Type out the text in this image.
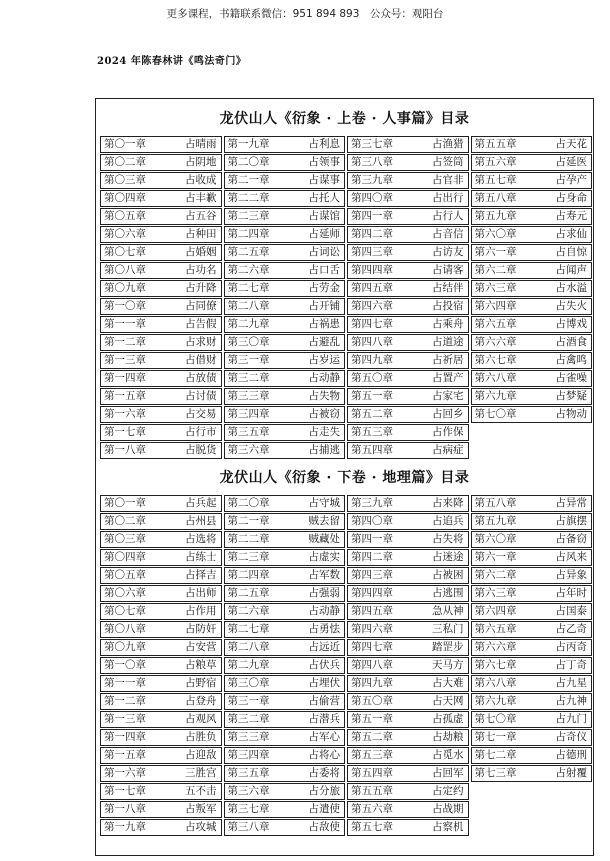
更多课程，书籍联系微信：951 894 893　公众号：观阳台
2024 年陈春林讲《鸣法奇门》
龙伏山人《衍象 · 上卷 · 人事篇》目录
第〇一章	占晴雨 第一九章	占利息 第三七章	占渔猎 第五五章	占天花
第〇二章	占阴地 第二〇章	占领事 第三八章	占签筒 第五六章	占延医
第〇三章	占收成 第二一章	占谋事 第三九章	占官非 第五七章	占孕产
第〇四章	占丰歉 第二二章	占托人 第四〇章	占出行 第五八章	占身命
第〇五章	占五谷 第二三章	占谋馆 第四一章	占行人 第五九章	占寿元
第〇六章	占种田 第二四章	占延师 第四二章	占音信 第六〇章	占求仙
第〇七章	占婚姻 第二五章	占词讼 第四三章	占访友 第六一章	占自惊
第〇八章	占功名 第二六章	占口舌 第四四章	占请客 第六二章	占闻声
第〇九章	占升降 第二七章	占劳金 第四五章	占结伴 第六三章	占水溢
第一〇章	占同僚 第二八章	占开铺 第四六章	占投宿 第六四章	占失火
第一一章	占告假 第二九章	占祸患 第四七章	占乘舟 第六五章	占博戏
第一二章	占求财 第三〇章	占避乱 第四八章	占道途 第六六章	占酒食
第一三章	占借财 第三一章	占岁运 第四九章	占祈居 第六七章	占禽鸣
第一四章	占放债 第三二章	占动静 第五〇章	占置产 第六八章	占雀噪
第一五章	占讨债 第三三章	占失物 第五一章	占家宅 第六九章	占梦疑
第一六章	占交易 第三四章	占被窃 第五二章	占回乡 第七〇章	占物动
第一七章	占行市 第三五章	占走失 第五三章	占作保
第一八章	占脱货 第三六章	占捕逃 第五四章	占病症
龙伏山人《衍象 · 下卷 · 地理篇》目录
第〇一章	占兵起 第二〇章	占守城 第三九章	占来降 第五八章	占异常
第〇二章	占州县 第二一章	贼去留 第四〇章	占追兵 第五九章	占旗摆
第〇三章	占选将 第二二章	贼藏处 第四一章	占失将 第六〇章	占备窃
第〇四章	占练士 第二三章	占虚实 第四二章	占迷途 第六一章	占风来
第〇五章	占择吉 第二四章	占军数 第四三章	占被困 第六二章	占异象
第〇六章	占出师 第二五章	占强弱 第四四章	占逃围 第六三章	占年时
第〇七章	占作用 第二六章	占动静 第四五章	急从神 第六四章	占国泰
第〇八章	占防奸 第二七章	占勇怯 第四六章	三私门 第六五章	占乙奇
第〇九章	占安营 第二八章	占远近 第四七章	踏罡步 第六六章	占丙奇
第一〇章	占粮草 第二九章	占伏兵 第四八章	天马方 第六七章	占丁奇
第一一章	占野宿 第三〇章	占埋伏 第四九章	占大难 第六八章	占九星
第一二章	占登舟 第三一章	占偷营 第五〇章	占天网 第六九章	占九神
第一三章	占观风 第三二章	占潜兵 第五一章	占孤虚 第七〇章	占九门
第一四章	占胜负 第三三章	占军心 第五二章	占劫粮 第七一章	占奇仪
第一五章	占迎敌 第三四章	占将心 第五三章	占觅水 第七二章	占德刑
第一六章	三胜宫 第三五章	占委将 第五四章	占回军 第七三章	占射覆
第一七章	五不击 第三六章	占分旅 第五五章	占定约
第一八章	占叛军 第三七章	占遣使 第五六章	占战期
第一九章	占攻城 第三八章	占敌使 第五七章	占察机
